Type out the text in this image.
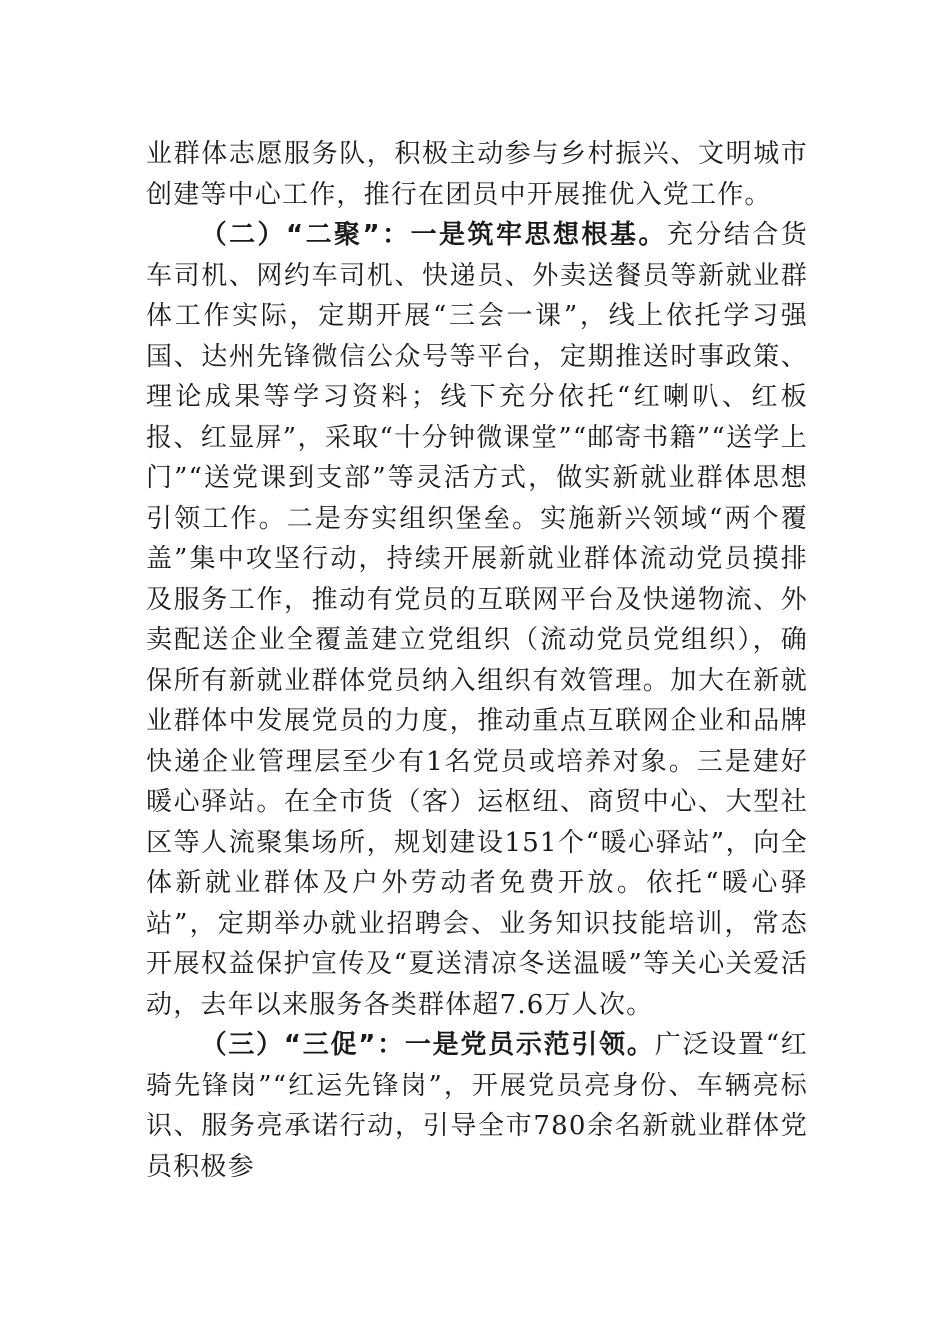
业群体志愿服务队，积极主动参与乡村振兴、文明城市创建等中心工作，推行在团员中开展推优入党工作。

（二）“二聚”：一是筑牢思想根基。充分结合货车司机、网约车司机、快递员、外卖送餐员等新就业群体工作实际，定期开展“三会一课”，线上依托学习强国、达州先锋微信公众号等平台，定期推送时事政策、理论成果等学习资料；线下充分依托“红喇叭、红板报、红显屏”，采取“十分钟微课堂”“邮寄书籍”“送学上门”“送党课到支部”等灵活方式，做实新就业群体思想引领工作。二是夯实组织堡垒。实施新兴领域“两个覆盖”集中攻坚行动，持续开展新就业群体流动党员摸排及服务工作，推动有党员的互联网平台及快递物流、外卖配送企业全覆盖建立党组织（流动党员党组织），确保所有新就业群体党员纳入组织有效管理。加大在新就业群体中发展党员的力度，推动重点互联网企业和品牌快递企业管理层至少有1名党员或培养对象。三是建好暖心驿站。在全市货（客）运枢纽、商贸中心、大型社区等人流聚集场所，规划建设151个“暖心驿站”，向全体新就业群体及户外劳动者免费开放。依托“暖心驿站”，定期举办就业招聘会、业务知识技能培训，常态开展权益保护宣传及“夏送清凉冬送温暖”等关心关爱活动，去年以来服务各类群体超7.6万人次。

（三）“三促”：一是党员示范引领。广泛设置“红骑先锋岗”“红运先锋岗”，开展党员亮身份、车辆亮标识、服务亮承诺行动，引导全市780余名新就业群体党员积极参
